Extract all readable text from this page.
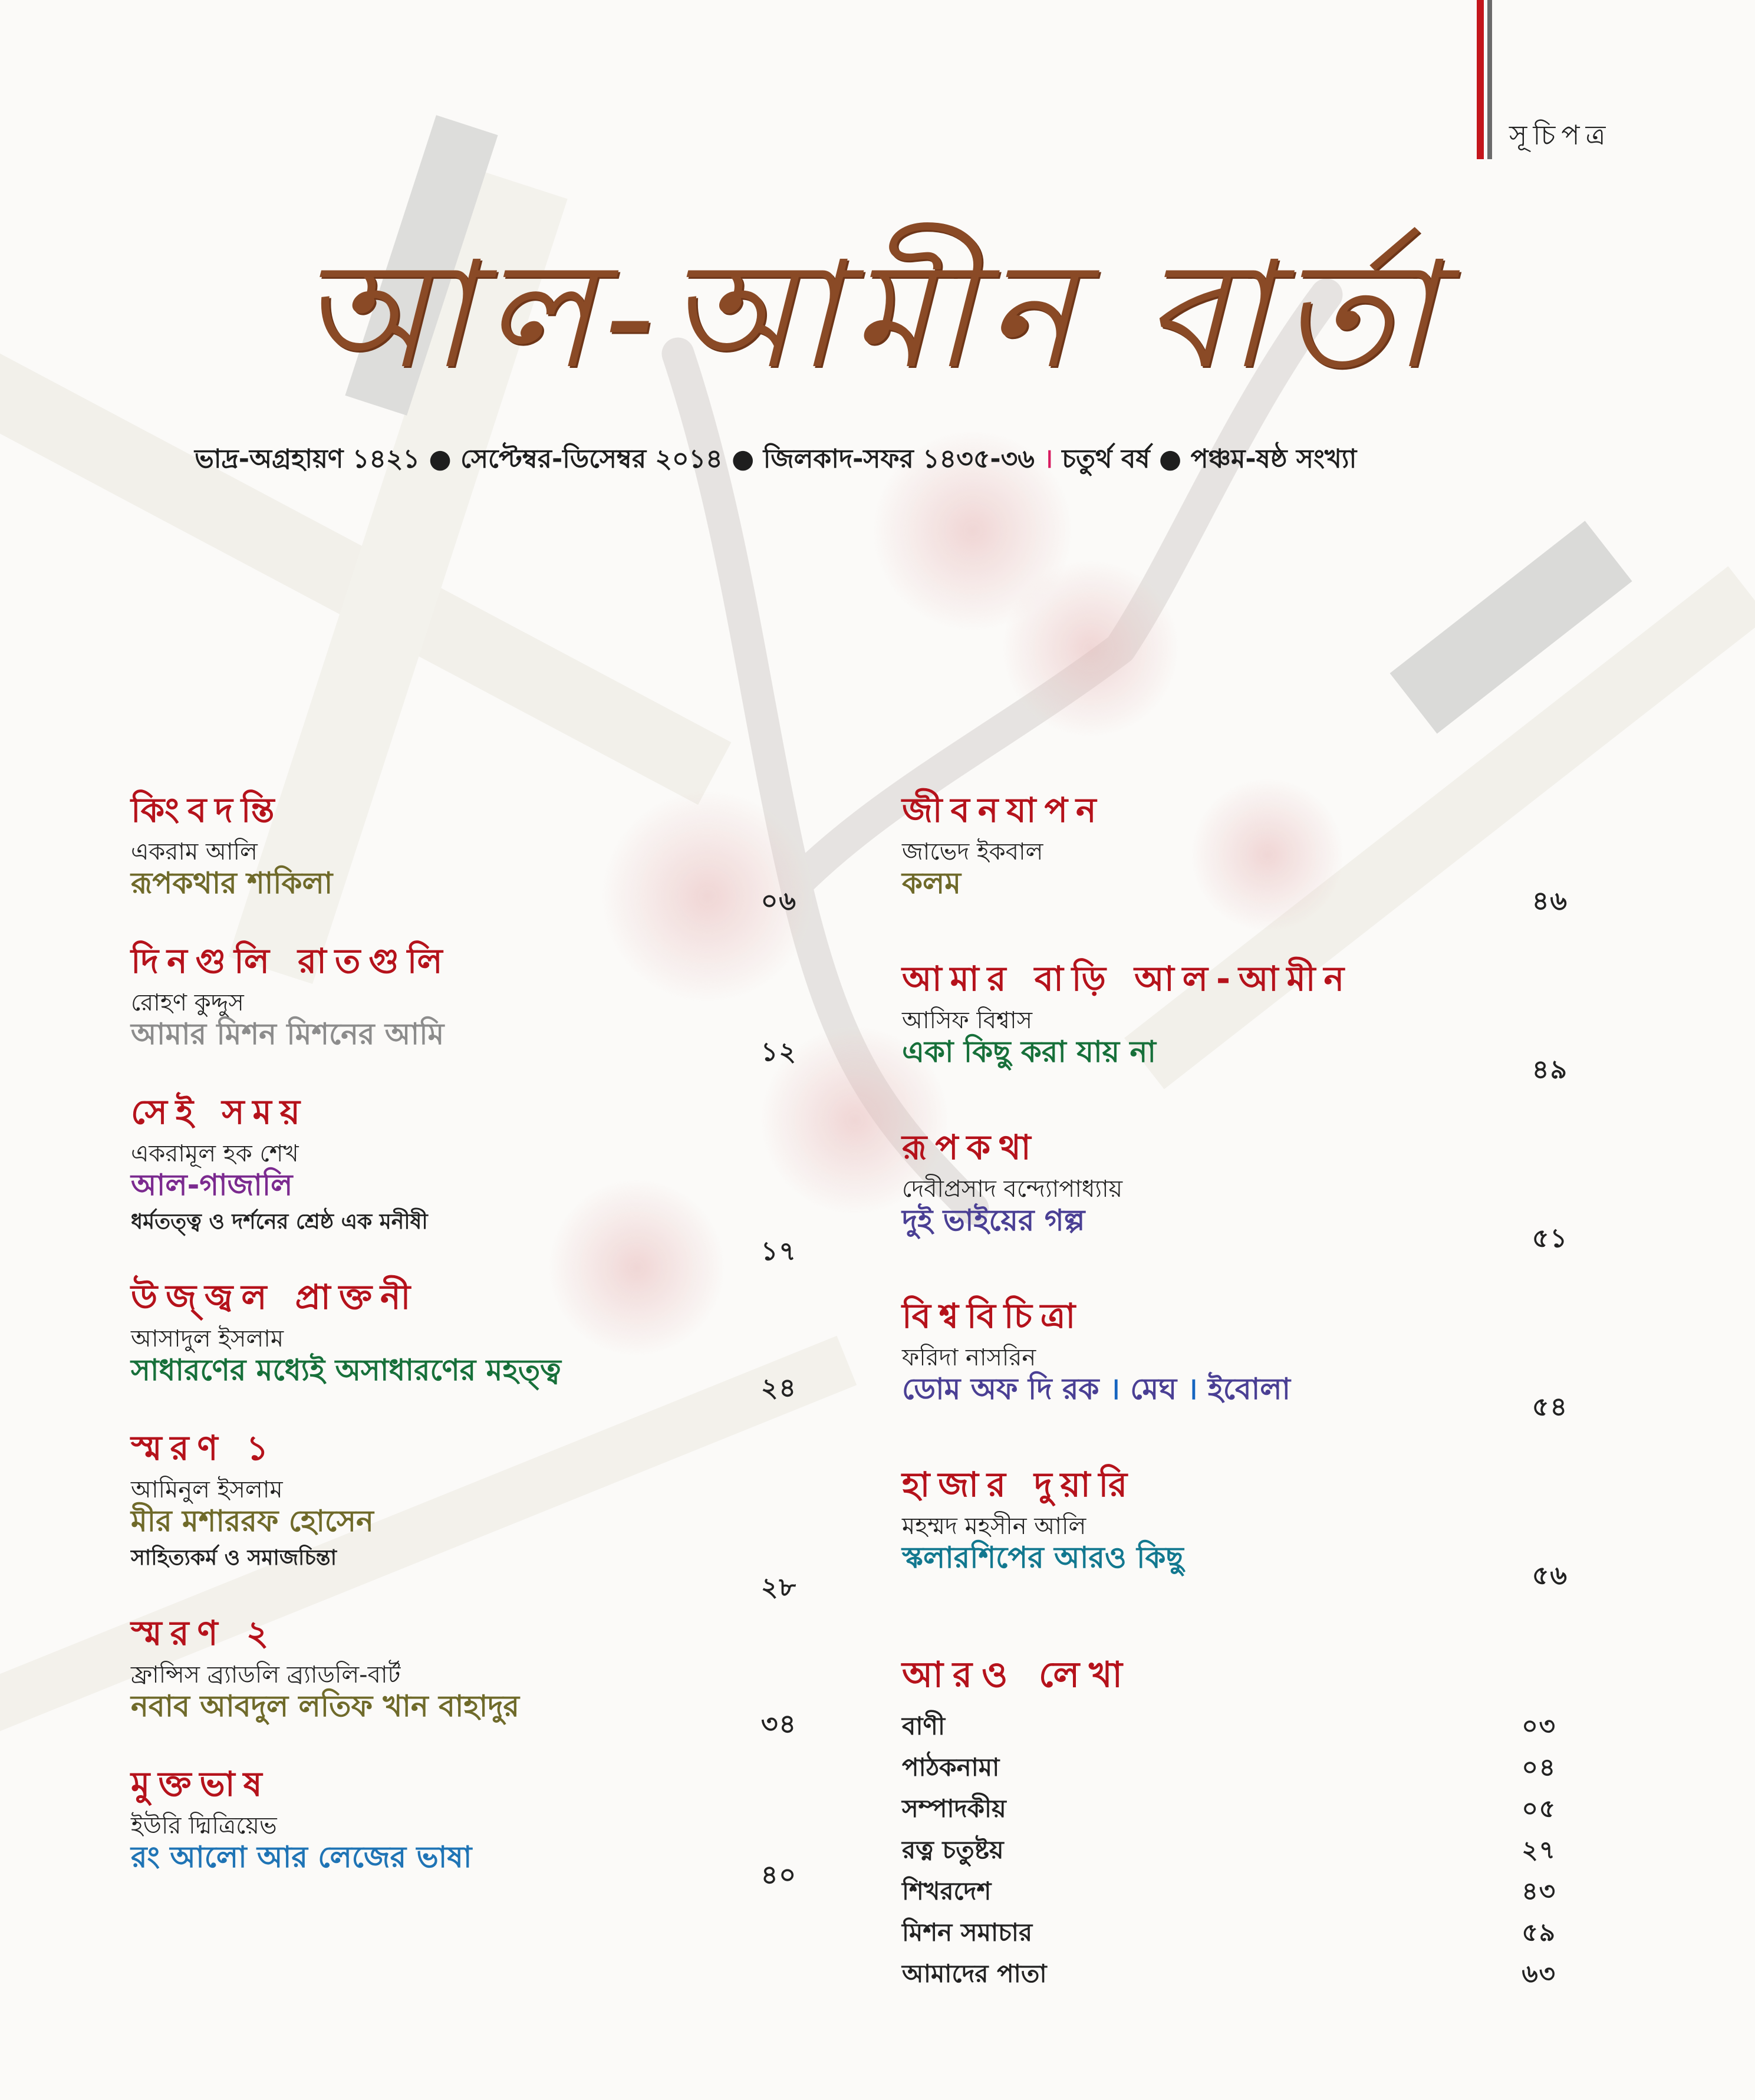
সূচিপত্র
আল-আমীন বার্তা
ভাদ্র-অগ্রহায়ণ ১৪২১ ● সেপ্টেম্বর-ডিসেম্বর ২০১৪ ● জিলকাদ-সফর ১৪৩৫-৩৬ । চতুর্থ বর্ষ ● পঞ্চম-ষষ্ঠ সংখ্যা
কিংবদন্তি
একরাম আলি
রূপকথার শাকিলা
০৬
দিনগুলি রাতগুলি
রোহণ কুদ্দুস
আমার মিশন মিশনের আমি
১২
সেই সময়
একরামূল হক শেখ
আল-গাজালি
ধর্মতত্ত্ব ও দর্শনের শ্রেষ্ঠ এক মনীষী
১৭
উজ্জ্বল প্রাক্তনী
আসাদুল ইসলাম
সাধারণের মধ্যেই অসাধারণের মহত্ত্ব
২৪
স্মরণ ১
আমিনুল ইসলাম
মীর মশাররফ হোসেন
সাহিত্যকর্ম ও সমাজচিন্তা
২৮
স্মরণ ২
ফ্রান্সিস ব্র্যাডলি ব্র্যাডলি-বার্ট
নবাব আবদুল লতিফ খান বাহাদুর
৩৪
মুক্তভাষ
ইউরি দ্মিত্রিয়েভ
রং আলো আর লেজের ভাষা
৪০
জীবনযাপন
জাভেদ ইকবাল
কলম
৪৬
আমার বাড়ি আল-আমীন
আসিফ বিশ্বাস
একা কিছু করা যায় না
৪৯
রূপকথা
দেবীপ্রসাদ বন্দ্যোপাধ্যায়
দুই ভাইয়ের গল্প
৫১
বিশ্ববিচিত্রা
ফরিদা নাসরিন
ডোম অফ দি রক । মেঘ । ইবোলা
৫৪
হাজার দুয়ারি
মহম্মদ মহসীন আলি
স্কলারশিপের আরও কিছু
৫৬
আরও লেখা
বাণী	০৩
পাঠকনামা	০৪
সম্পাদকীয়	০৫
রত্ন চতুষ্টয়	২৭
শিখরদেশ	৪৩
মিশন সমাচার	৫৯
আমাদের পাতা	৬৩
